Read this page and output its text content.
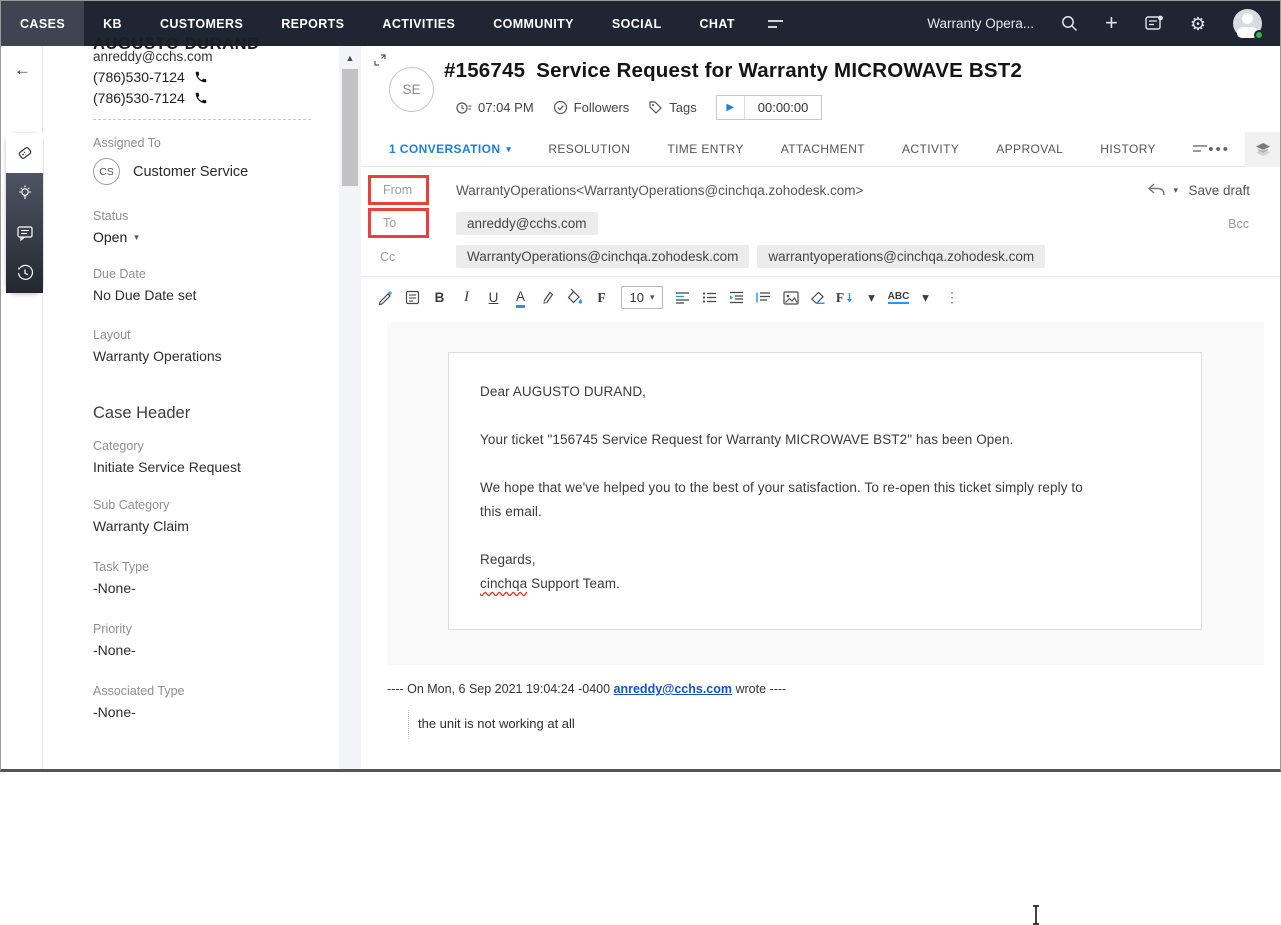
CASES	KB	CUSTOMERS	REPORTS	ACTIVITIES	COMMUNITY	SOCIAL	CHAT	Warranty Opera...	+	⚙
←
AUGUSTO DURAND
anreddy@cchs.com
(786)530-7124
(786)530-7124
Assigned To
CS	Customer Service
Status
Open ▾
Due Date
No Due Date set
Layout
Warranty Operations
Case Header
Category
Initiate Service Request
Sub Category
Warranty Claim
Task Type
-None-
Priority
-None-
Associated Type
-None-
▲
SE
#156745 Service Request for Warranty MICROWAVE BST2
07:04 PM	Followers	Tags	▶	00:00:00
1 CONVERSATION ▾	RESOLUTION	TIME ENTRY	ATTACHMENT	ACTIVITY	APPROVAL	HISTORY	•••
From	WarrantyOperations<WarrantyOperations@cinchqa.zohodesk.com>	▾ Save draft
To	anreddy@cchs.com	Bcc
Cc	WarrantyOperations@cinchqa.zohodesk.com	warrantyoperations@cinchqa.zohodesk.com
B	I	U	A	F	10 ▾	F	▾	ABC ▾	⋮

Dear AUGUSTO DURAND,

Your ticket "156745 Service Request for Warranty MICROWAVE BST2" has been Open.

We hope that we've helped you to the best of your satisfaction. To re-open this ticket simply reply to

this email.

Regards,

cinchqa Support Team.

---- On Mon, 6 Sep 2021 19:04:24 -0400 anreddy@cchs.com wrote ----
the unit is not working at all
